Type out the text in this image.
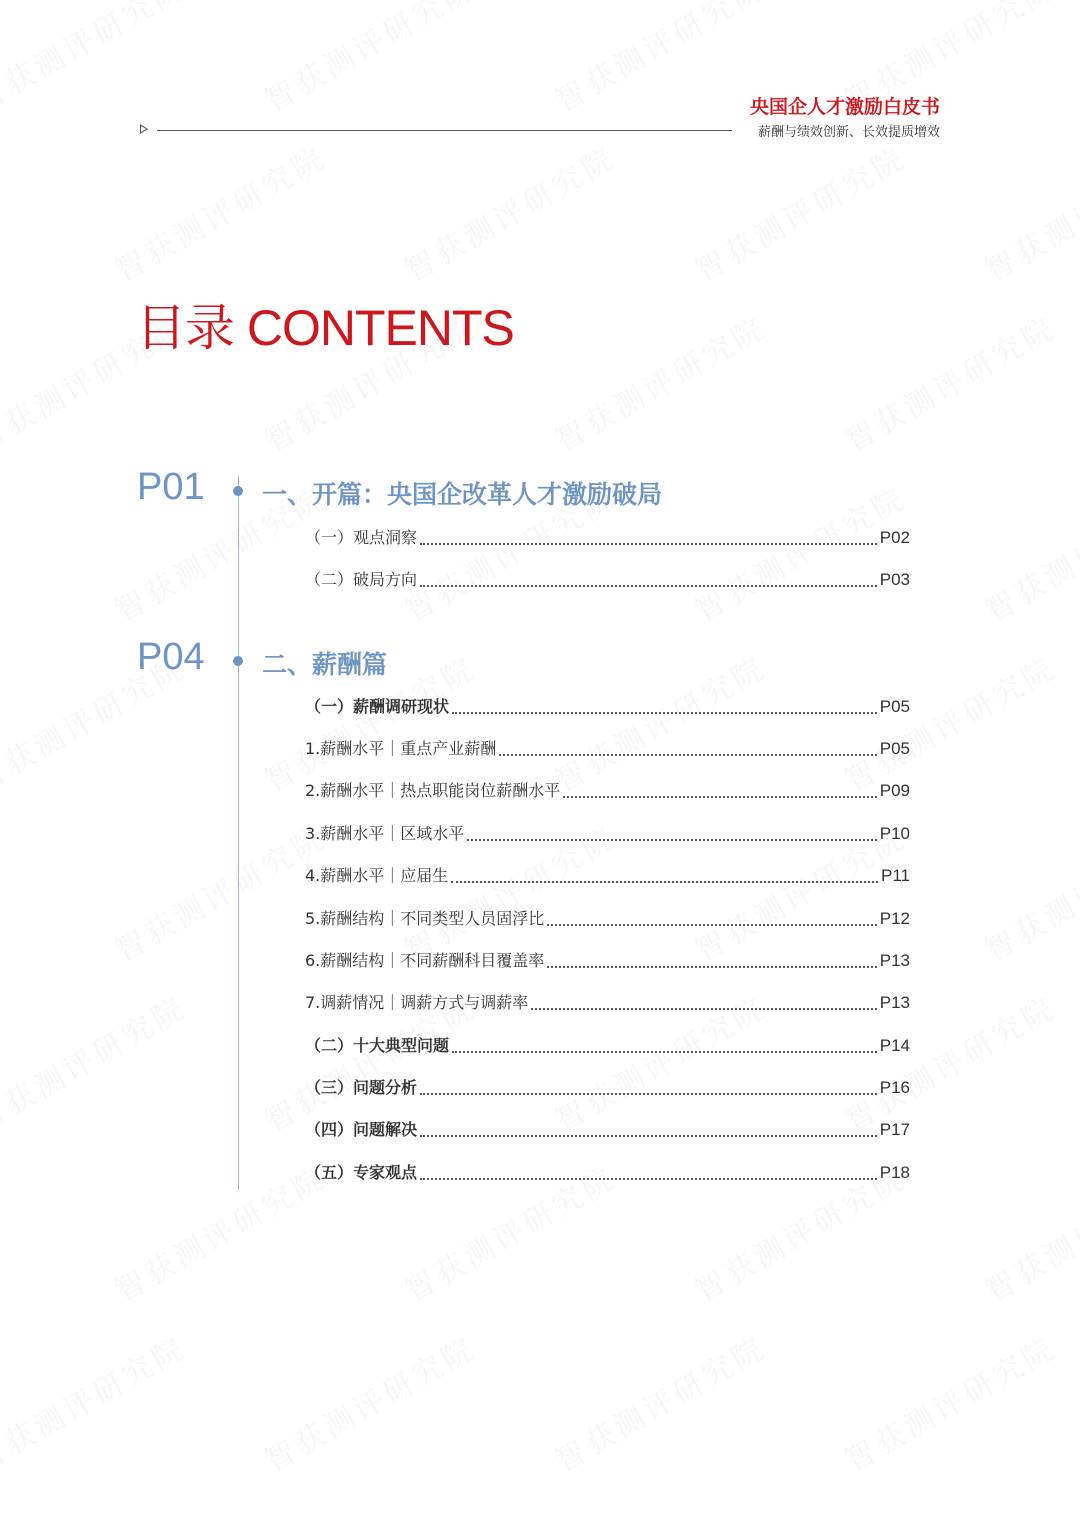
央国企人才激励白皮书
薪酬与绩效创新、长效提质增效
目录 CONTENTS
P01 一、开篇：央国企改革人才激励破局
（一）观点洞察	P02
（二）破局方向	P03
P04 二、薪酬篇
（一）薪酬调研现状	P05
1.薪酬水平｜重点产业薪酬	P05
2.薪酬水平｜热点职能岗位薪酬水平	P09
3.薪酬水平｜区域水平	P10
4.薪酬水平｜应届生	P11
5.薪酬结构｜不同类型人员固浮比	P12
6.薪酬结构｜不同薪酬科目覆盖率	P13
7.调薪情况｜调薪方式与调薪率	P13
（二）十大典型问题	P14
（三）问题分析	P16
（四）问题解决	P17
（五）专家观点	P18
